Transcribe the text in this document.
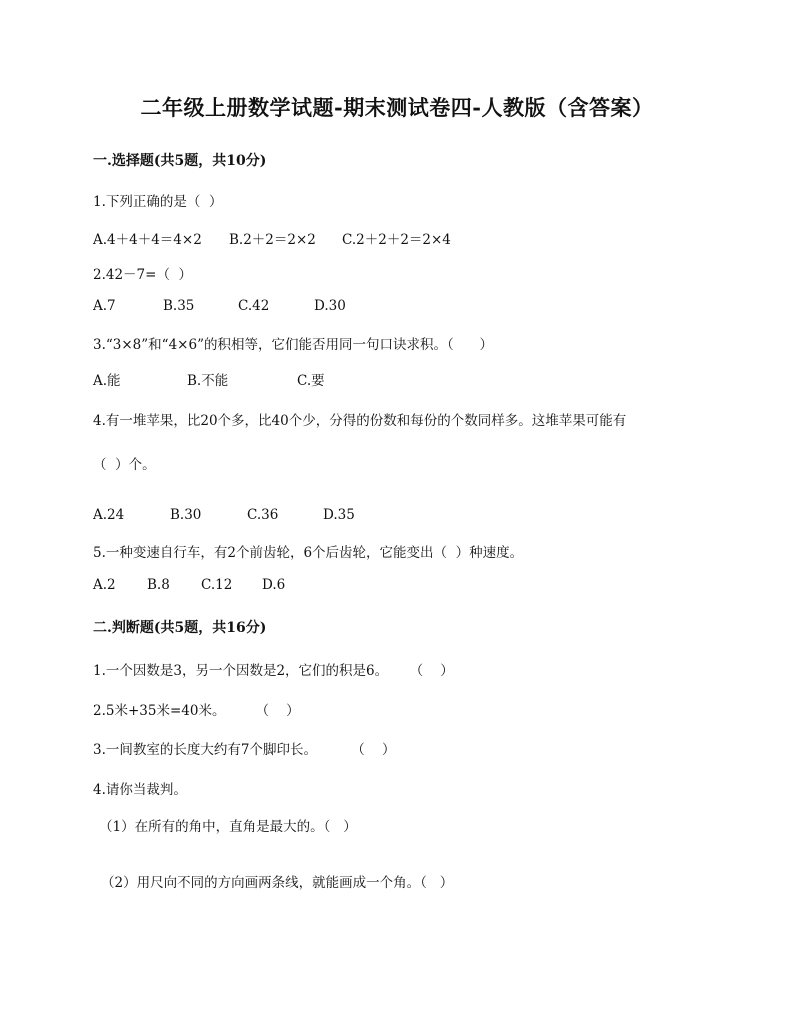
二年级上册数学试题-期末测试卷四-人教版（含答案）
一.选择题(共5题，共10分)
1.下列正确的是（  ）
A.4＋4＋4＝4×2	B.2＋2＝2×2	C.2＋2＋2＝2×4
2.42－7=（  ）
A.7	B.35	C.42	D.30
3.“3×8”和“4×6”的积相等，它们能否用同一句口诀求积。（      ）
A.能	B.不能	C.要
4.有一堆苹果，比20个多，比40个少，分得的份数和每份的个数同样多。这堆苹果可能有
（  ）个。
A.24	B.30	C.36	D.35
5.一种变速自行车，有2个前齿轮，6个后齿轮，它能变出（  ）种速度。
A.2	B.8	C.12	D.6
二.判断题(共5题，共16分)
1.一个因数是3，另一个因数是2，它们的积是6。     （    ）
2.5米+35米=40米。       （    ）
3.一间教室的长度大约有7个脚印长。        （    ）
4.请你当裁判。
（1）在所有的角中，直角是最大的。（   ）
（2）用尺向不同的方向画两条线，就能画成一个角。（   ）
